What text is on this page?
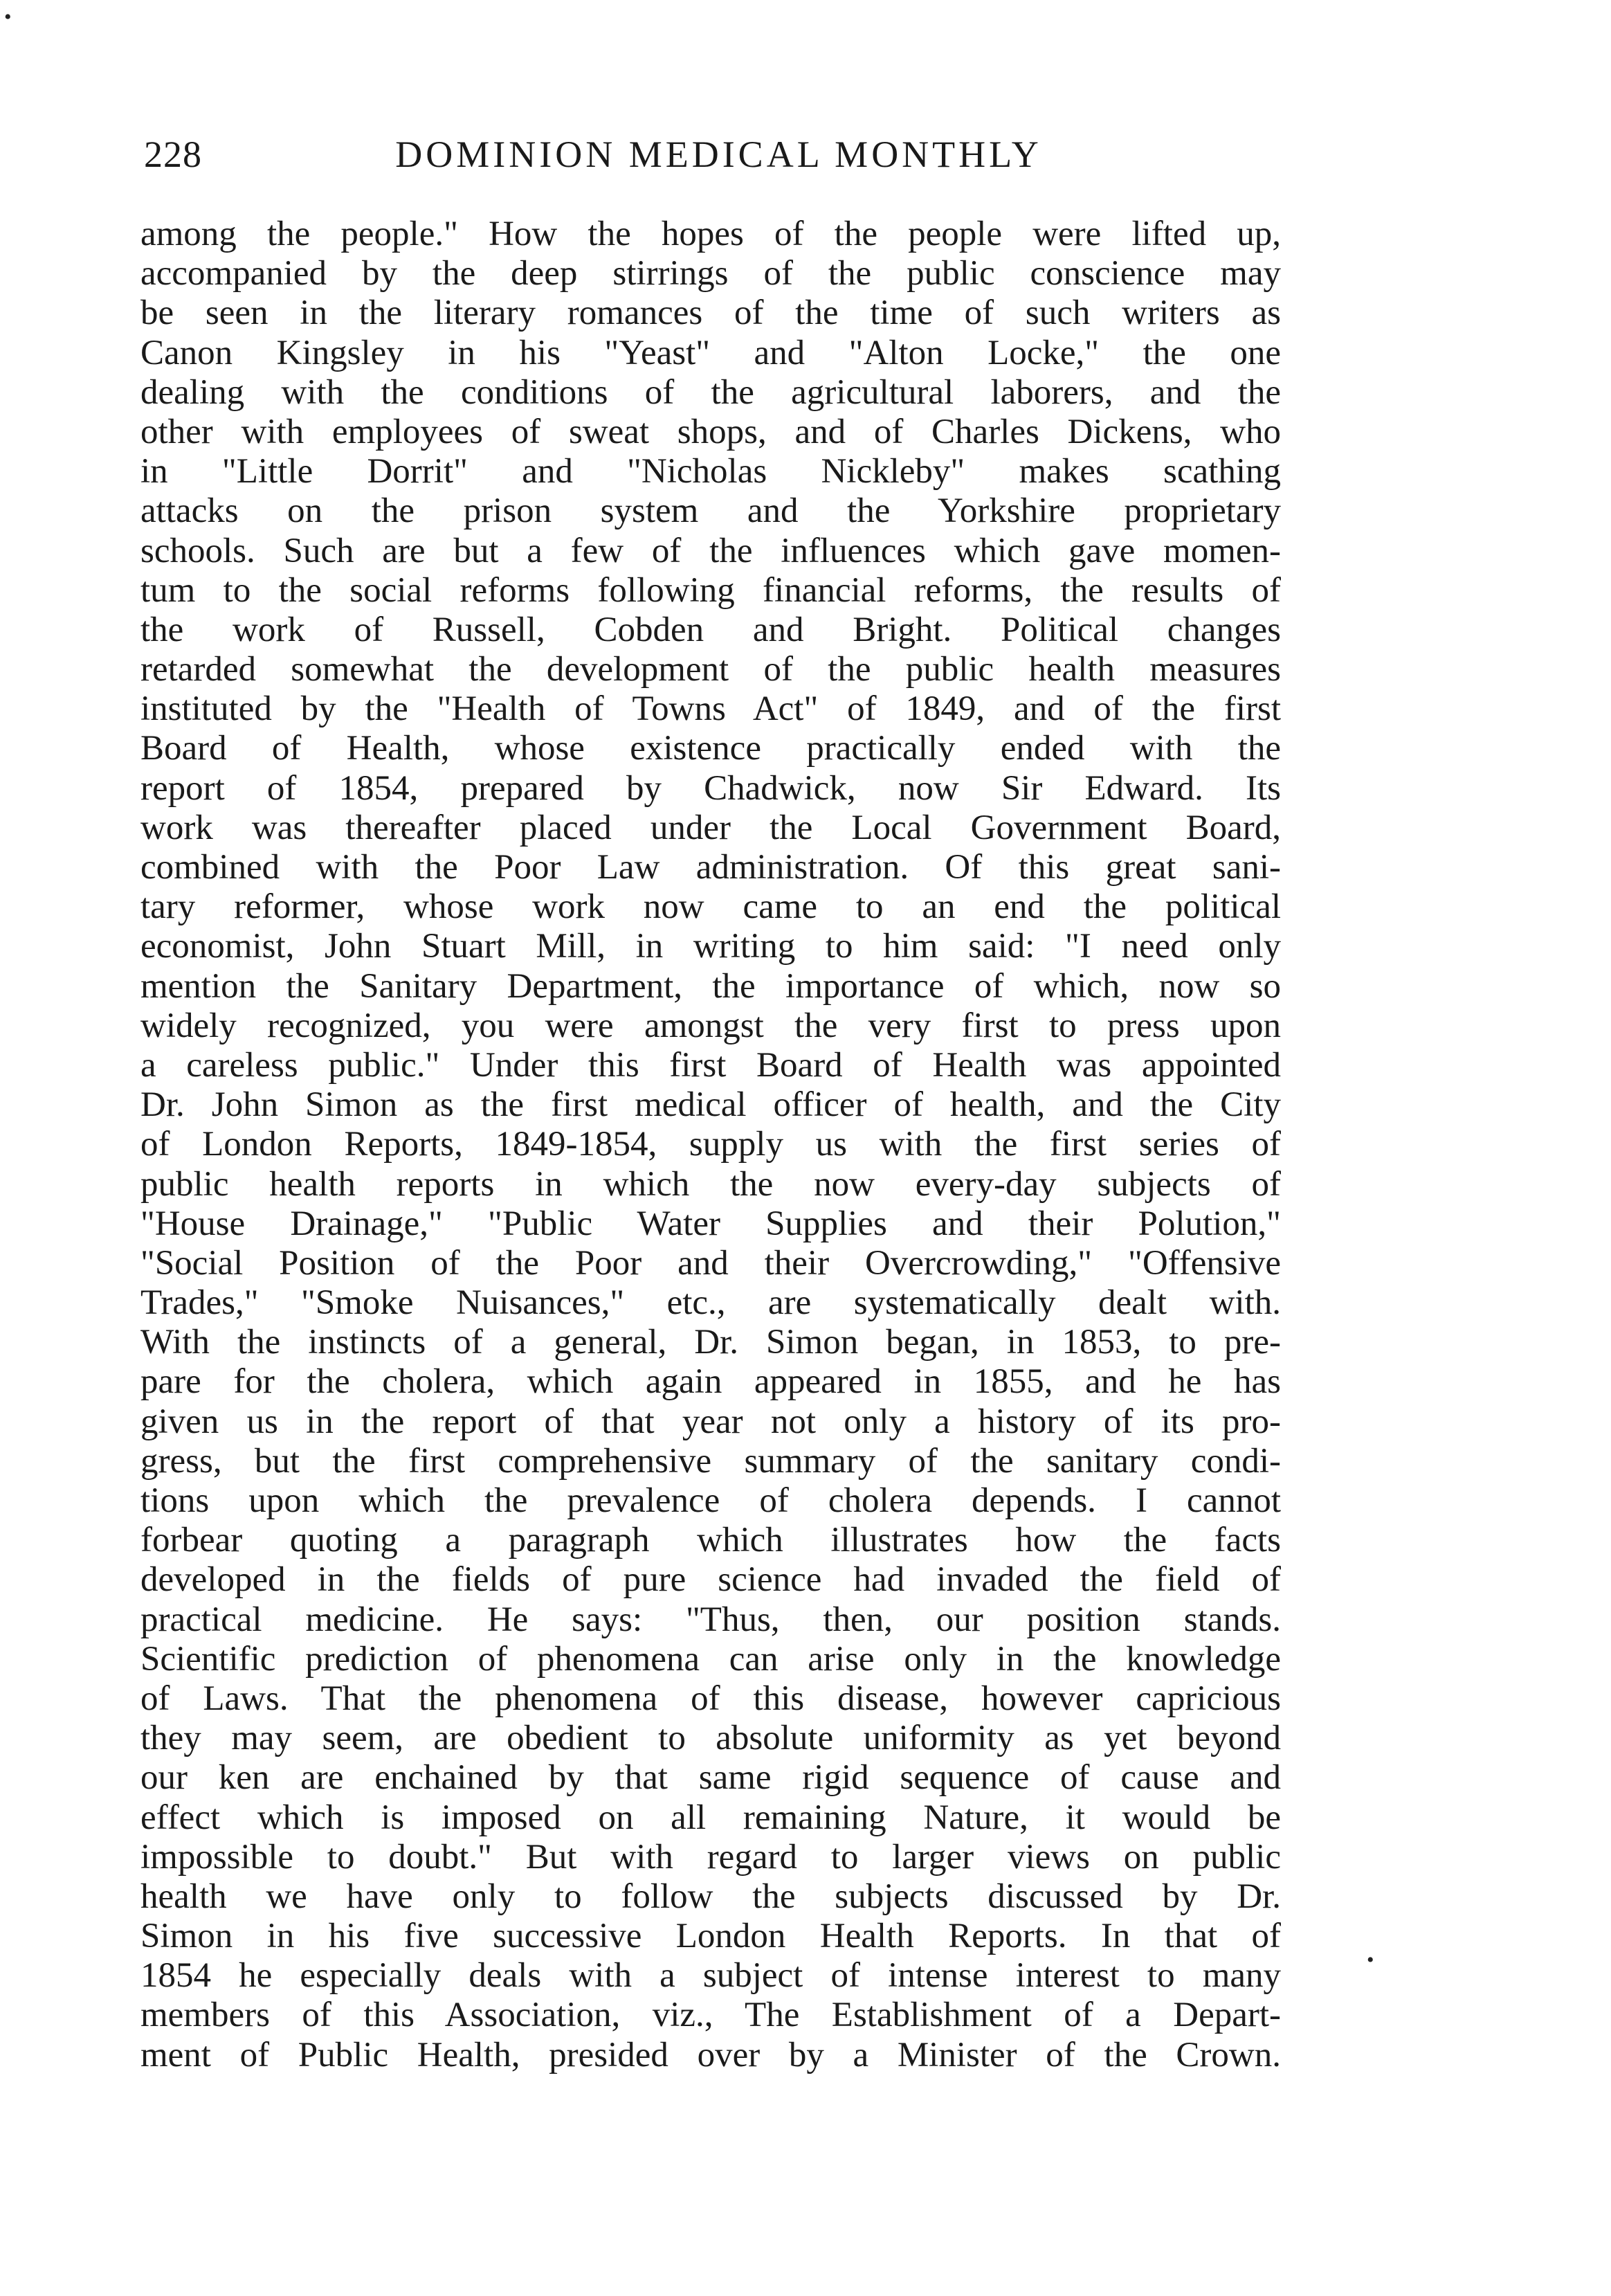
•
•
228	DOMINION MEDICAL MONTHLY
among the people." How the hopes of the people were lifted up,
accompanied by the deep stirrings of the public conscience may
be seen in the literary romances of the time of such writers as
Canon Kingsley in his "Yeast" and "Alton Locke," the one
dealing with the conditions of the agricultural laborers, and the
other with employees of sweat shops, and of Charles Dickens, who
in "Little Dorrit" and "Nicholas Nickleby" makes scathing
attacks on the prison system and the Yorkshire proprietary
schools. Such are but a few of the influences which gave momen-
tum to the social reforms following financial reforms, the results of
the work of Russell, Cobden and Bright. Political changes
retarded somewhat the development of the public health measures
instituted by the "Health of Towns Act" of 1849, and of the first
Board of Health, whose existence practically ended with the
report of 1854, prepared by Chadwick, now Sir Edward. Its
work was thereafter placed under the Local Government Board,
combined with the Poor Law administration. Of this great sani-
tary reformer, whose work now came to an end the political
economist, John Stuart Mill, in writing to him said: "I need only
mention the Sanitary Department, the importance of which, now so
widely recognized, you were amongst the very first to press upon
a careless public." Under this first Board of Health was appointed
Dr. John Simon as the first medical officer of health, and the City
of London Reports, 1849-1854, supply us with the first series of
public health reports in which the now every-day subjects of
"House Drainage," "Public Water Supplies and their Polution,"
"Social Position of the Poor and their Overcrowding," "Offensive
Trades," "Smoke Nuisances," etc., are systematically dealt with.
With the instincts of a general, Dr. Simon began, in 1853, to pre-
pare for the cholera, which again appeared in 1855, and he has
given us in the report of that year not only a history of its pro-
gress, but the first comprehensive summary of the sanitary condi-
tions upon which the prevalence of cholera depends. I cannot
forbear quoting a paragraph which illustrates how the facts
developed in the fields of pure science had invaded the field of
practical medicine. He says: "Thus, then, our position stands.
Scientific prediction of phenomena can arise only in the knowledge
of Laws. That the phenomena of this disease, however capricious
they may seem, are obedient to absolute uniformity as yet beyond
our ken are enchained by that same rigid sequence of cause and
effect which is imposed on all remaining Nature, it would be
impossible to doubt." But with regard to larger views on public
health we have only to follow the subjects discussed by Dr.
Simon in his five successive London Health Reports. In that of
1854 he especially deals with a subject of intense interest to many
members of this Association, viz., The Establishment of a Depart-
ment of Public Health, presided over by a Minister of the Crown.
